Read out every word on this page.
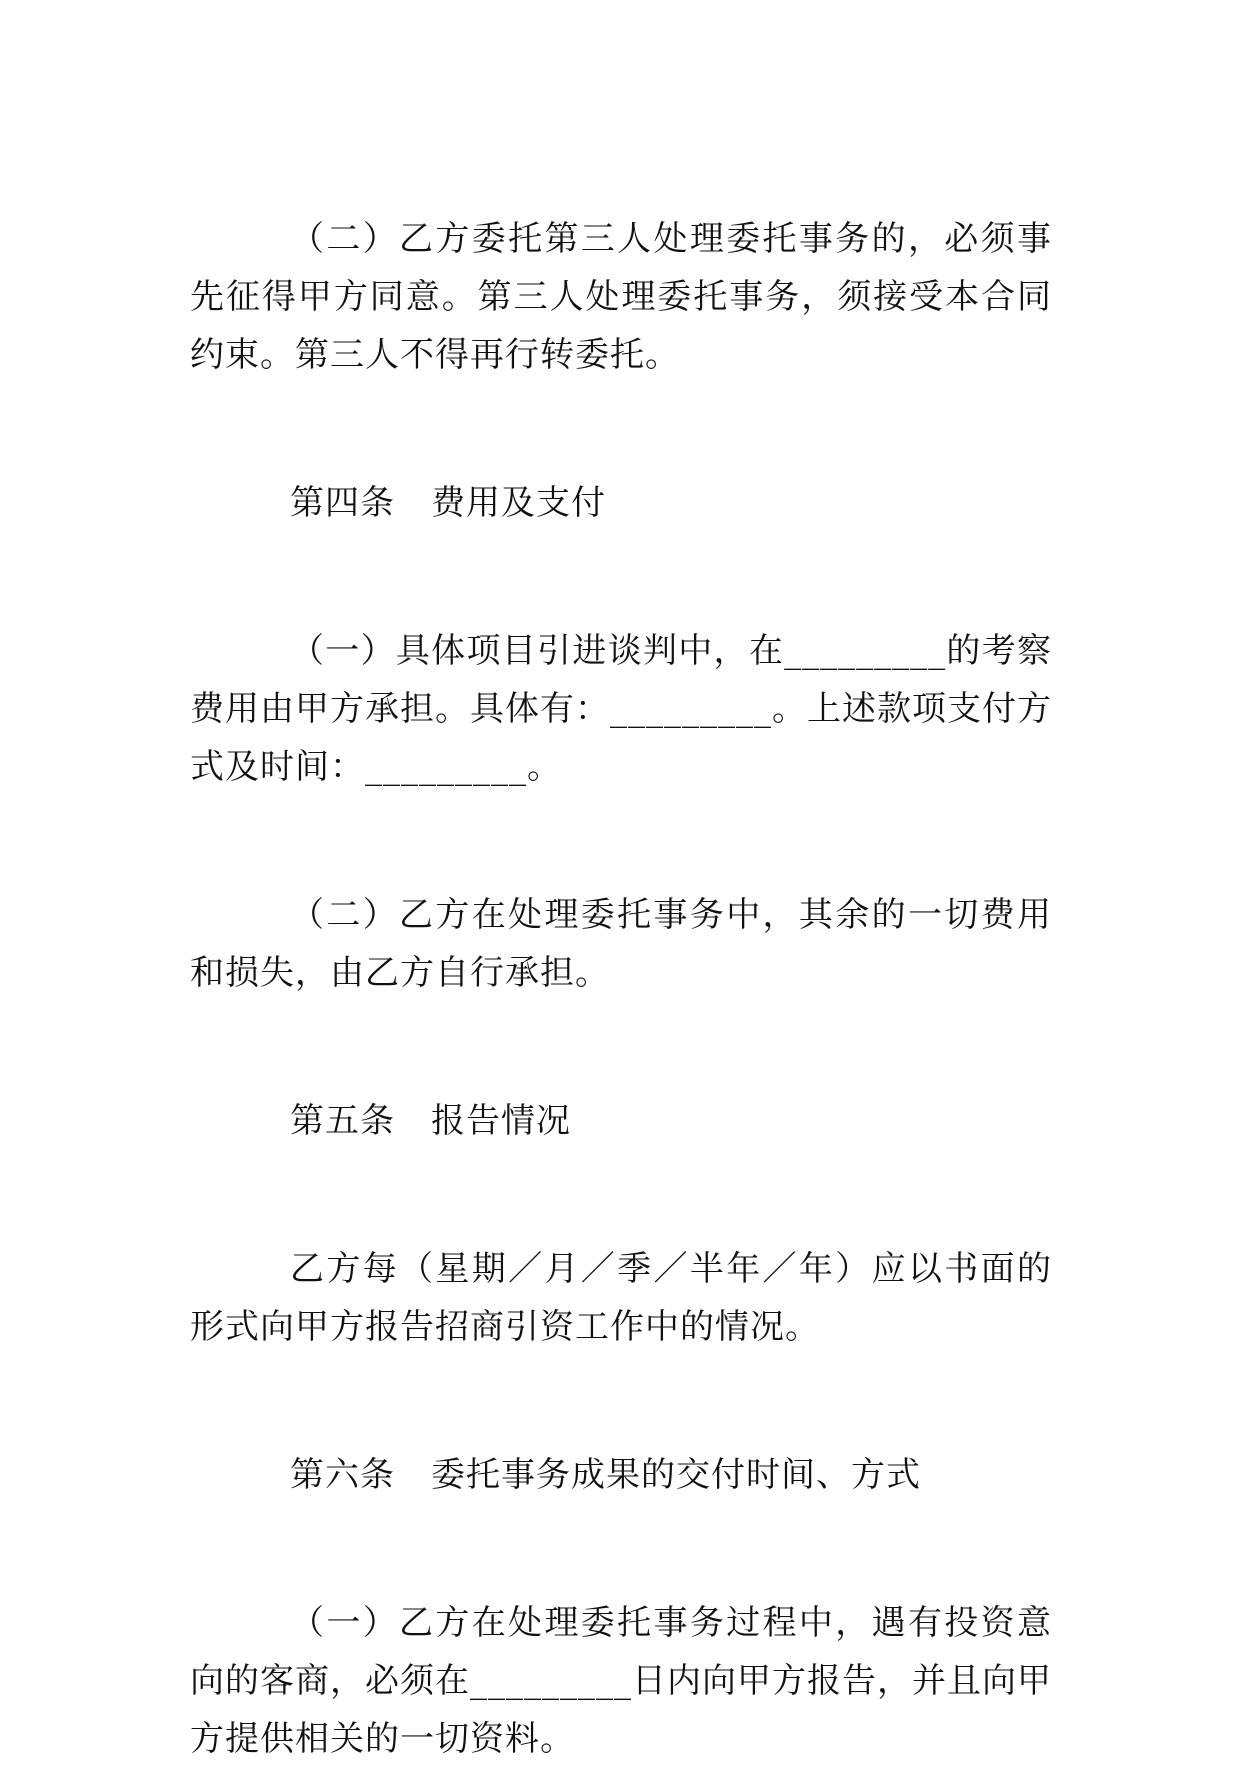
（二）乙方委托第三人处理委托事务的，必须事先征得甲方同意。第三人处理委托事务，须接受本合同约束。第三人不得再行转委托。

第四条 费用及支付

（一）具体项目引进谈判中，在_________的考察费用由甲方承担。具体有：_________。上述款项支付方式及时间：_________。

（二）乙方在处理委托事务中，其余的一切费用和损失，由乙方自行承担。

第五条 报告情况

乙方每（星期／月／季／半年／年）应以书面的形式向甲方报告招商引资工作中的情况。

第六条 委托事务成果的交付时间、方式

（一）乙方在处理委托事务过程中，遇有投资意向的客商，必须在_________日内向甲方报告，并且向甲方提供相关的一切资料。
